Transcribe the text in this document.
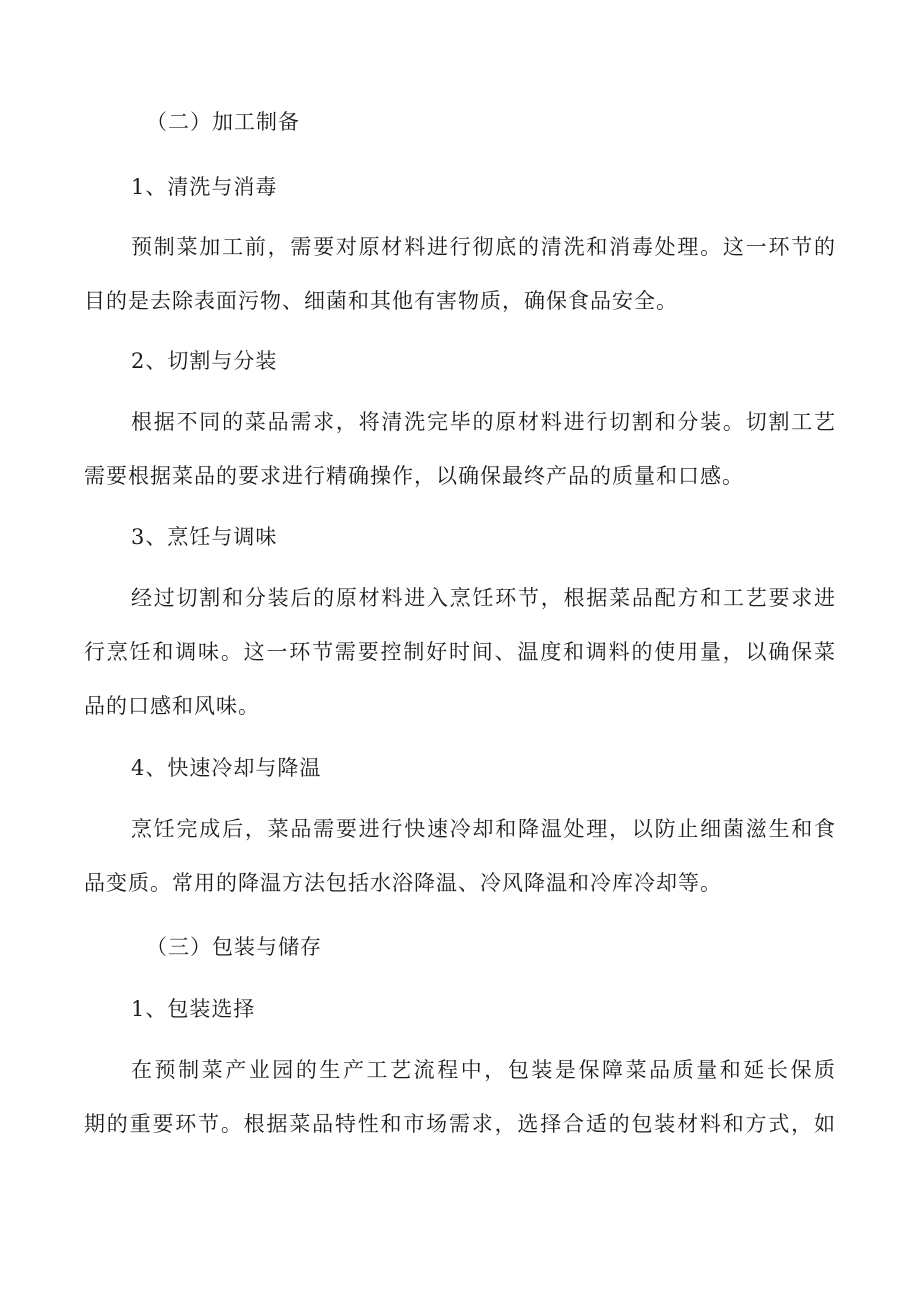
（二）加工制备
1、清洗与消毒
预制菜加工前，需要对原材料进行彻底的清洗和消毒处理。这一环节的
目的是去除表面污物、细菌和其他有害物质，确保食品安全。
2、切割与分装
根据不同的菜品需求，将清洗完毕的原材料进行切割和分装。切割工艺
需要根据菜品的要求进行精确操作，以确保最终产品的质量和口感。
3、烹饪与调味
经过切割和分装后的原材料进入烹饪环节，根据菜品配方和工艺要求进
行烹饪和调味。这一环节需要控制好时间、温度和调料的使用量，以确保菜
品的口感和风味。
4、快速冷却与降温
烹饪完成后，菜品需要进行快速冷却和降温处理，以防止细菌滋生和食
品变质。常用的降温方法包括水浴降温、冷风降温和冷库冷却等。
（三）包装与储存
1、包装选择
在预制菜产业园的生产工艺流程中，包装是保障菜品质量和延长保质
期的重要环节。根据菜品特性和市场需求，选择合适的包装材料和方式，如
